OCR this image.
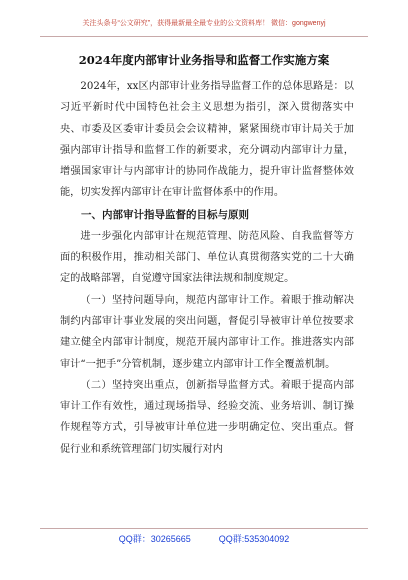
关注头条号“公文研究”，获得最新最全最专业的公文资料库！ 微信：gongwenyj
2024年度内部审计业务指导和监督工作实施方案

2024年，xx区内部审计业务指导监督工作的总体思路是：以习近平新时代中国特色社会主义思想为指引，深入贯彻落实中央、市委及区委审计委员会会议精神，紧紧围绕市审计局关于加强内部审计指导和监督工作的新要求，充分调动内部审计力量，增强国家审计与内部审计的协同作战能力，提升审计监督整体效能，切实发挥内部审计在审计监督体系中的作用。

一、内部审计指导监督的目标与原则

进一步强化内部审计在规范管理、防范风险、自我监督等方面的积极作用，推动相关部门、单位认真贯彻落实党的二十大确定的战略部署，自觉遵守国家法律法规和制度规定。

（一）坚持问题导向，规范内部审计工作。着眼于推动解决制约内部审计事业发展的突出问题，督促引导被审计单位按要求建立健全内部审计制度，规范开展内部审计工作。推进落实内部审计“一把手”分管机制，逐步建立内部审计工作全覆盖机制。

（二）坚持突出重点，创新指导监督方式。着眼于提高内部审计工作有效性，通过现场指导、经验交流、业务培训、制订操作规程等方式，引导被审计单位进一步明确定位、突出重点。督促行业和系统管理部门切实履行对内

QQ群：30265665	QQ群:535304092
